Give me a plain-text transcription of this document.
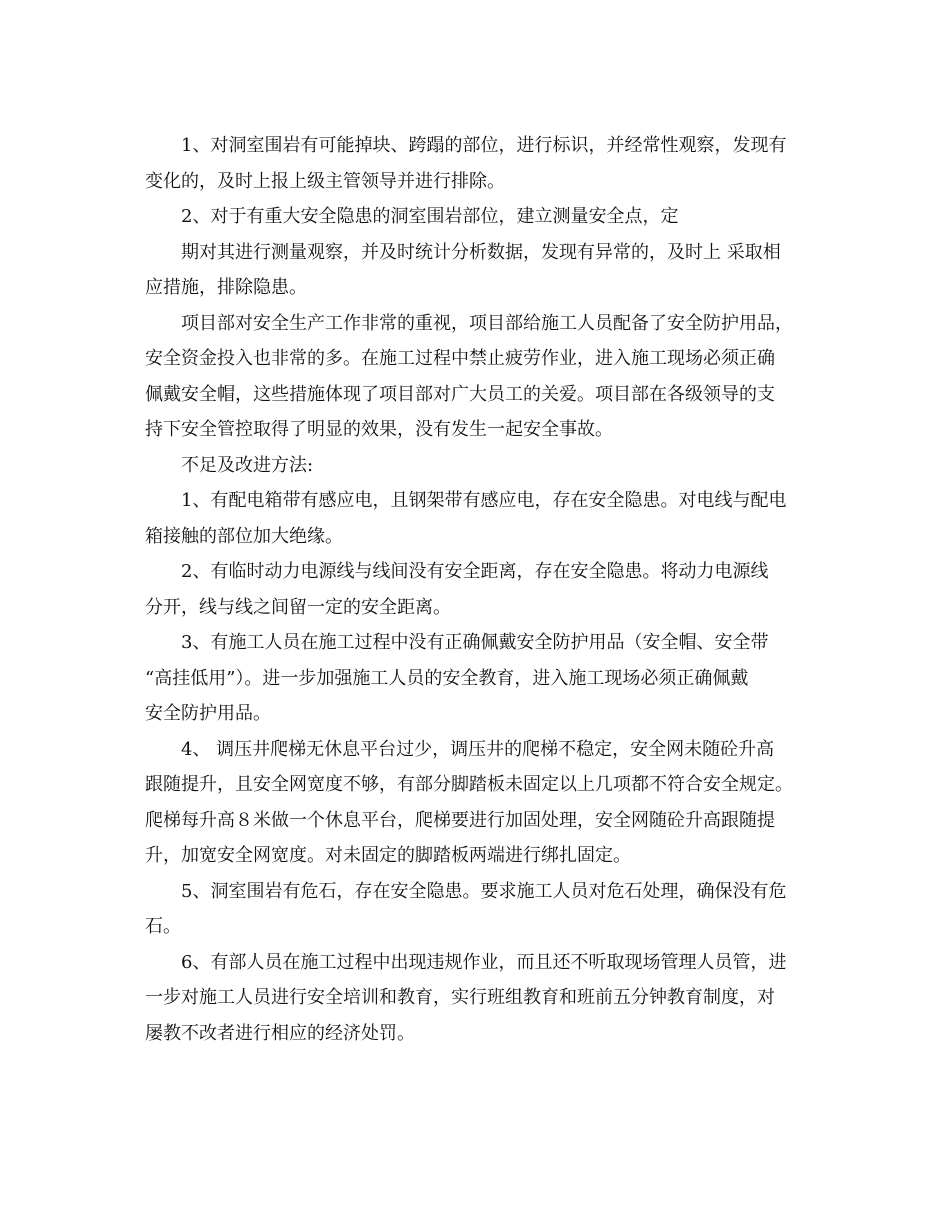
1、对洞室围岩有可能掉块、跨蹋的部位，进行标识，并经常性观察，发现有
变化的，及时上报上级主管领导并进行排除。
2、对于有重大安全隐患的洞室围岩部位，建立测量安全点，定
期对其进行测量观察，并及时统计分析数据，发现有异常的，及时上 采取相
应措施，排除隐患。
项目部对安全生产工作非常的重视，项目部给施工人员配备了安全防护用品，
安全资金投入也非常的多。在施工过程中禁止疲劳作业，进入施工现场必须正确
佩戴安全帽，这些措施体现了项目部对广大员工的关爱。项目部在各级领导的支
持下安全管控取得了明显的效果，没有发生一起安全事故。
不足及改进方法:
1、有配电箱带有感应电，且钢架带有感应电，存在安全隐患。对电线与配电
箱接触的部位加大绝缘。
2、有临时动力电源线与线间没有安全距离，存在安全隐患。将动力电源线
分开，线与线之间留一定的安全距离。
3、有施工人员在施工过程中没有正确佩戴安全防护用品（安全帽、安全带
“高挂低用”）。进一步加强施工人员的安全教育，进入施工现场必须正确佩戴
安全防护用品。
4、 调压井爬梯无休息平台过少，调压井的爬梯不稳定，安全网未随砼升高
跟随提升，且安全网宽度不够，有部分脚踏板未固定以上几项都不符合安全规定。
爬梯每升高８米做一个休息平台，爬梯要进行加固处理，安全网随砼升高跟随提
升，加宽安全网宽度。对未固定的脚踏板两端进行绑扎固定。
5、洞室围岩有危石，存在安全隐患。要求施工人员对危石处理，确保没有危
石。
6、有部人员在施工过程中出现违规作业，而且还不听取现场管理人员管，进
一步对施工人员进行安全培训和教育，实行班组教育和班前五分钟教育制度，对
屡教不改者进行相应的经济处罚。
